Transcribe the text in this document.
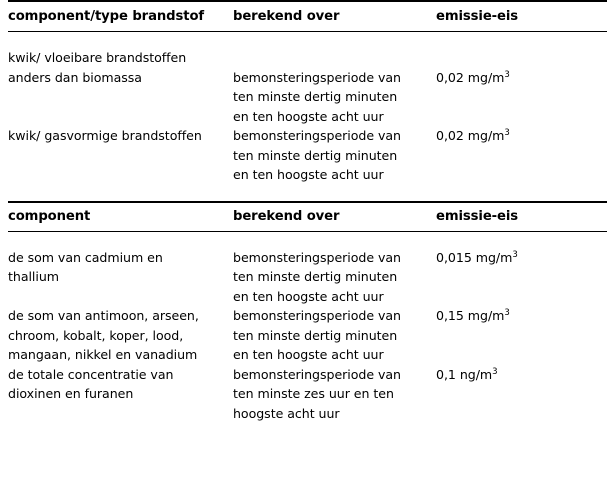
component/type brandstof	berekend over	emissie-eis

kwik/ vloeibare brandstoffen
anders dan biomassa	bemonsteringsperiode van
ten minste dertig minuten
en ten hoogste acht uur	0,02 $mg/m^3$

kwik/ gasvormige brandstoffen	bemonsteringsperiode van
ten minste dertig minuten
en ten hoogste acht uur	0,02 $mg/m^3$

component	berekend over	emissie-eis

de som van cadmium en
thallium	bemonsteringsperiode van
ten minste dertig minuten
en ten hoogste acht uur	0,015 $mg/m^3$

de som van antimoon, arseen,
chroom, kobalt, koper, lood,
mangaan, nikkel en vanadium	bemonsteringsperiode van
ten minste dertig minuten
en ten hoogste acht uur	0,15 $mg/m^3$

de totale concentratie van
dioxinen en furanen	bemonsteringsperiode van
ten minste zes uur en ten
hoogste acht uur	0,1 $ng/m^3$
